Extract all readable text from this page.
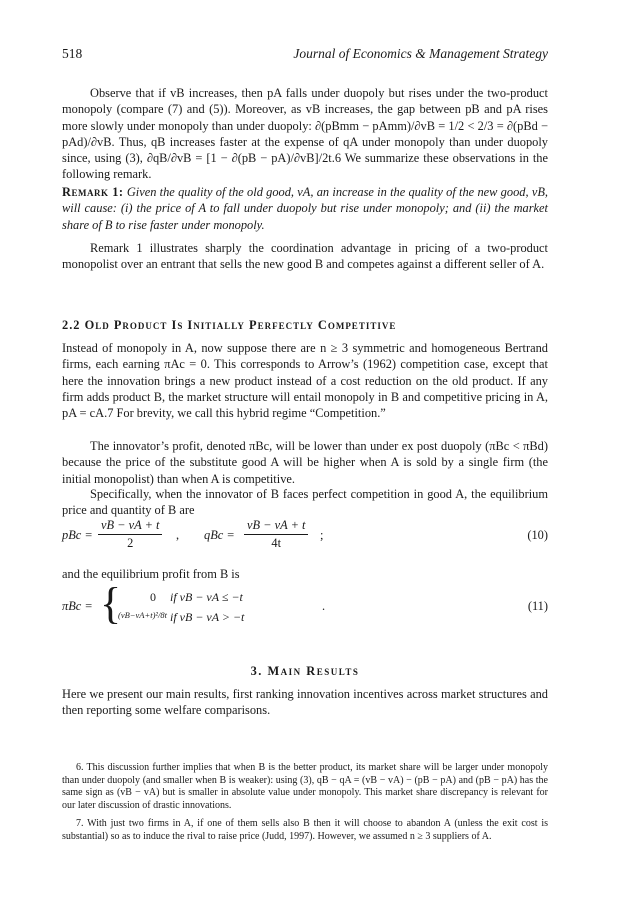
518	Journal of Economics & Management Strategy

Observe that if vB increases, then pA falls under duopoly but rises under the two-product monopoly (compare (7) and (5)). Moreover, as vB increases, the gap between pB and pA rises more slowly under monopoly than under duopoly: ∂(pBmm − pAmm)/∂vB = 1/2 < 2/3 = ∂(pBd − pAd)/∂vB. Thus, qB increases faster at the expense of qA under monopoly than under duopoly since, using (3), ∂qB/∂vB = [1 − ∂(pB − pA)/∂vB]/2t.6 We summarize these observations in the following remark.

Remark 1: Given the quality of the old good, vA, an increase in the quality of the new good, vB, will cause: (i) the price of A to fall under duopoly but rise under monopoly; and (ii) the market share of B to rise faster under monopoly.

Remark 1 illustrates sharply the coordination advantage in pricing of a two-product monopolist over an entrant that sells the new good B and competes against a different seller of A.

2.2 Old Product Is Initially Perfectly Competitive

Instead of monopoly in A, now suppose there are n ≥ 3 symmetric and homogeneous Bertrand firms, each earning πAc = 0. This corresponds to Arrow’s (1962) competition case, except that here the innovation brings a new product instead of a cost reduction on the old product. If any firm adds product B, the market structure will entail monopoly in B and competitive pricing in A, pA = cA.7 For brevity, we call this hybrid regime “Competition.”

The innovator’s profit, denoted πBc, will be lower than under ex post duopoly (πBc < πBd) because the price of the substitute good A will be higher when A is sold by a single firm (the initial monopolist) than when A is competitive.

Specifically, when the innovator of B faces perfect competition in good A, the equilibrium price and quantity of B are

pBc = $\frac{vB - vA + t}{2}$ , qBc = $\frac{vB - vA + t}{4t}$ ;	(10)

and the equilibrium profit from B is

πBc = { 0 if vB − vA ≤ −t
(vB−vA+t)²/8t if vB − vA > −t
.	(11)
3. Main Results

Here we present our main results, first ranking innovation incentives across market structures and then reporting some welfare comparisons.

6. This discussion further implies that when B is the better product, its market share will be larger under monopoly than under duopoly (and smaller when B is weaker): using (3), qB − qA = (vB − vA) − (pB − pA) and (pB − pA) has the same sign as (vB − vA) but is smaller in absolute value under monopoly. This market share discrepancy is relevant for our later discussion of drastic innovations.

7. With just two firms in A, if one of them sells also B then it will choose to abandon A (unless the exit cost is substantial) so as to induce the rival to raise price (Judd, 1997). However, we assumed n ≥ 3 suppliers of A.
